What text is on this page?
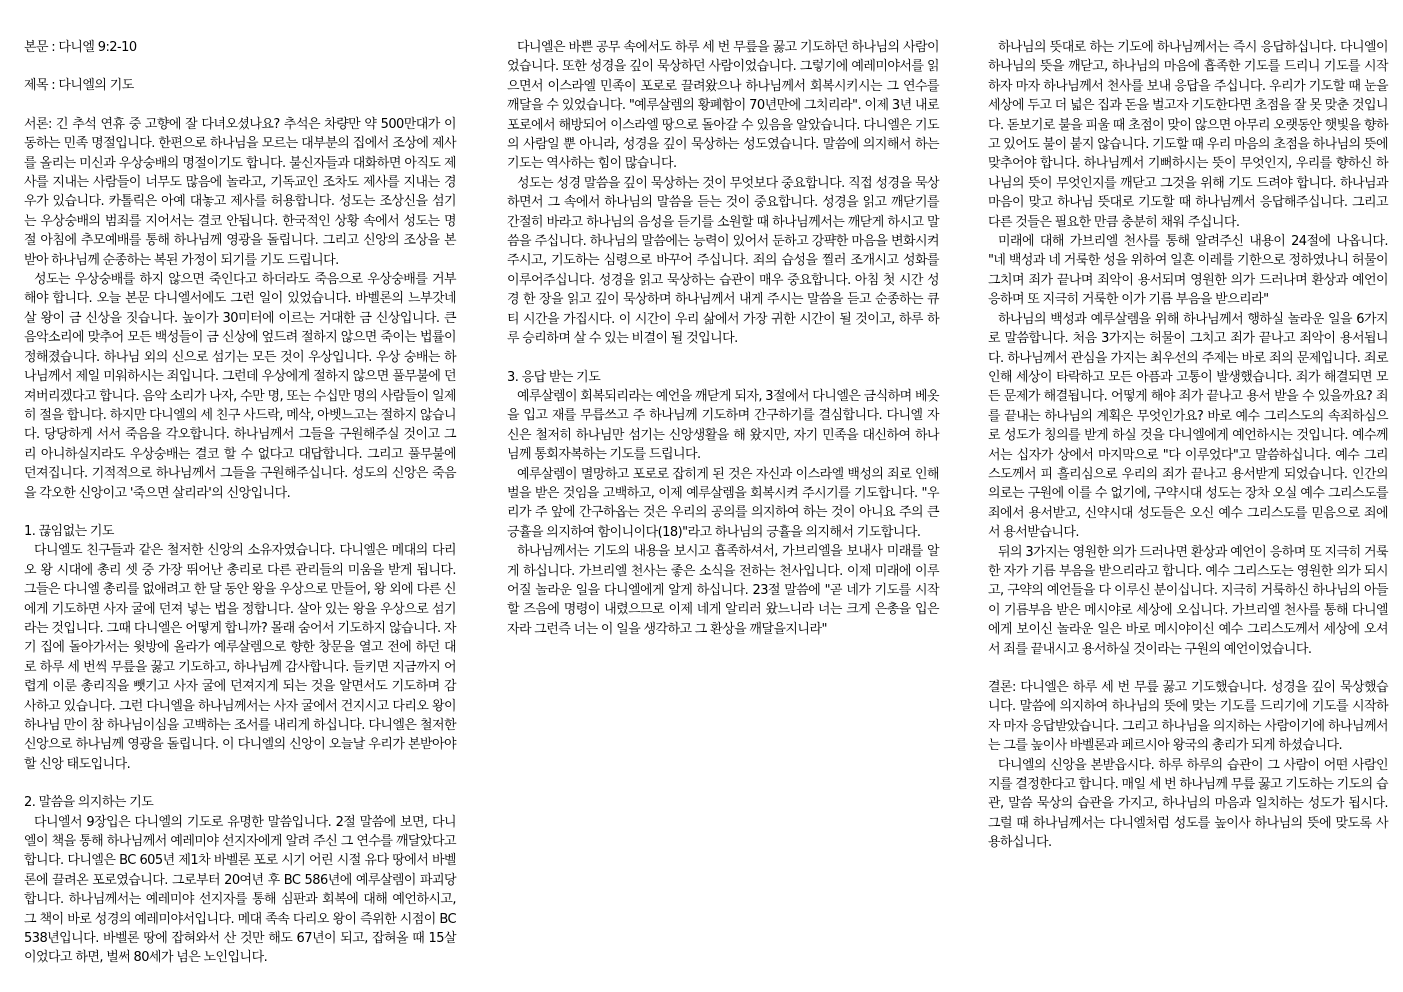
본문 : 다니엘 9:2-10

제목 : 다니엘의 기도

서론: 긴 추석 연휴 중 고향에 잘 다녀오셨나요? 추석은 차량만 약 500만대가 이동하는 민족 명절입니다. 한편으로 하나님을 모르는 대부분의 집에서 조상에 제사를 올리는 미신과 우상숭배의 명절이기도 합니다. 불신자들과 대화하면 아직도 제사를 지내는 사람들이 너무도 많음에 놀라고, 기독교인 조차도 제사를 지내는 경우가 있습니다. 카톨릭은 아예 대놓고 제사를 허용합니다. 성도는 조상신을 섬기는 우상숭배의 범죄를 지어서는 결코 안됩니다. 한국적인 상황 속에서 성도는 명절 아침에 추모예배를 통해 하나님께 영광을 돌립니다. 그리고 신앙의 조상을 본받아 하나님께 순종하는 복된 가정이 되기를 기도 드립니다.

성도는 우상숭배를 하지 않으면 죽인다고 하더라도 죽음으로 우상숭배를 거부해야 합니다. 오늘 본문 다니엘서에도 그런 일이 있었습니다. 바벨론의 느부갓네살 왕이 금 신상을 짓습니다. 높이가 30미터에 이르는 거대한 금 신상입니다. 큰 음악소리에 맞추어 모든 백성들이 금 신상에 엎드려 절하지 않으면 죽이는 법률이 정해졌습니다. 하나님 외의 신으로 섬기는 모든 것이 우상입니다. 우상 숭배는 하나님께서 제일 미워하시는 죄입니다. 그런데 우상에게 절하지 않으면 풀무불에 던져버리겠다고 합니다. 음악 소리가 나자, 수만 명, 또는 수십만 명의 사람들이 일제히 절을 합니다. 하지만 다니엘의 세 친구 사드락, 메삭, 아벳느고는 절하지 않습니다. 당당하게 서서 죽음을 각오합니다. 하나님께서 그들을 구원해주실 것이고 그리 아니하실지라도 우상숭배는 결코 할 수 없다고 대답합니다. 그리고 풀무불에 던져집니다. 기적적으로 하나님께서 그들을 구원해주십니다. 성도의 신앙은 죽음을 각오한 신앙이고 '죽으면 살리라'의 신앙입니다.

1. 끊임없는 기도

다니엘도 친구들과 같은 철저한 신앙의 소유자였습니다. 다니엘은 메대의 다리오 왕 시대에 총리 셋 중 가장 뛰어난 총리로 다른 관리들의 미움을 받게 됩니다. 그들은 다니엘 총리를 없애려고 한 달 동안 왕을 우상으로 만들어, 왕 외에 다른 신에게 기도하면 사자 굴에 던져 넣는 법을 정합니다. 살아 있는 왕을 우상으로 섬기라는 것입니다. 그때 다니엘은 어떻게 합니까? 몰래 숨어서 기도하지 않습니다. 자기 집에 돌아가서는 윗방에 올라가 예루살렘으로 향한 창문을 열고 전에 하던 대로 하루 세 번씩 무릎을 꿇고 기도하고, 하나님께 감사합니다. 들키면 지금까지 어렵게 이룬 총리직을 뺏기고 사자 굴에 던져지게 되는 것을 알면서도 기도하며 감사하고 있습니다. 그런 다니엘을 하나님께서는 사자 굴에서 건지시고 다리오 왕이 하나님 만이 참 하나님이심을 고백하는 조서를 내리게 하십니다. 다니엘은 철저한 신앙으로 하나님께 영광을 돌립니다. 이 다니엘의 신앙이 오늘날 우리가 본받아야 할 신앙 태도입니다.

2. 말씀을 의지하는 기도

다니엘서 9장입은 다니엘의 기도로 유명한 말씀입니다. 2절 말씀에 보면, 다니엘이 책을 통해 하나님께서 예레미야 선지자에게 알려 주신 그 연수를 깨달았다고 합니다. 다니엘은 BC 605년 제1차 바벨론 포로 시기 어린 시절 유다 땅에서 바벨론에 끌려온 포로였습니다. 그로부터 20여년 후 BC 586년에 예루살렘이 파괴당합니다. 하나님께서는 예레미야 선지자를 통해 심판과 회복에 대해 예언하시고, 그 책이 바로 성경의 예레미야서입니다. 메대 족속 다리오 왕이 즉위한 시점이 BC 538년입니다. 바벨론 땅에 잡혀와서 산 것만 해도 67년이 되고, 잡혀올 때 15살이었다고 하면, 벌써 80세가 넘은 노인입니다.

다니엘은 바쁜 공무 속에서도 하루 세 번 무릎을 꿇고 기도하던 하나님의 사람이었습니다. 또한 성경을 깊이 묵상하던 사람이었습니다. 그렇기에 예레미야서를 읽으면서 이스라엘 민족이 포로로 끌려왔으나 하나님께서 회복시키시는 그 연수를 깨달을 수 있었습니다. "예루살렘의 황폐함이 70년만에 그치리라". 이제 3년 내로 포로에서 해방되어 이스라엘 땅으로 돌아갈 수 있음을 알았습니다. 다니엘은 기도의 사람일 뿐 아니라, 성경을 깊이 묵상하는 성도였습니다. 말씀에 의지해서 하는 기도는 역사하는 힘이 많습니다.

성도는 성경 말씀을 깊이 묵상하는 것이 무엇보다 중요합니다. 직접 성경을 묵상하면서 그 속에서 하나님의 말씀을 듣는 것이 중요합니다. 성경을 읽고 깨닫기를 간절히 바라고 하나님의 음성을 듣기를 소원할 때 하나님께서는 깨닫게 하시고 말씀을 주십니다. 하나님의 말씀에는 능력이 있어서 둔하고 강퍅한 마음을 변화시켜 주시고, 기도하는 심령으로 바꾸어 주십니다. 죄의 습성을 찔러 조개시고 성화를 이루어주십니다. 성경을 읽고 묵상하는 습관이 매우 중요합니다. 아침 첫 시간 성경 한 장을 읽고 깊이 묵상하며 하나님께서 내게 주시는 말씀을 듣고 순종하는 큐티 시간을 가집시다. 이 시간이 우리 삶에서 가장 귀한 시간이 될 것이고, 하루 하루 승리하며 살 수 있는 비결이 될 것입니다.

3. 응답 받는 기도

예루살렘이 회복되리라는 예언을 깨닫게 되자, 3절에서 다니엘은 금식하며 베옷을 입고 재를 무릅쓰고 주 하나님께 기도하며 간구하기를 결심합니다. 다니엘 자신은 철저히 하나님만 섬기는 신앙생활을 해 왔지만, 자기 민족을 대신하여 하나님께 통회자복하는 기도를 드립니다.

예루살렘이 멸망하고 포로로 잡히게 된 것은 자신과 이스라엘 백성의 죄로 인해 벌을 받은 것임을 고백하고, 이제 예루살렘을 회복시켜 주시기를 기도합니다. "우리가 주 앞에 간구하옵는 것은 우리의 공의를 의지하여 하는 것이 아니요 주의 큰 긍휼을 의지하여 함이니이다(18)"라고 하나님의 긍휼을 의지해서 기도합니다.

하나님께서는 기도의 내용을 보시고 흡족하셔서, 가브리엘을 보내사 미래를 알게 하십니다. 가브리엘 천사는 좋은 소식을 전하는 천사입니다. 이제 미래에 이루어질 놀라운 일을 다니엘에게 알게 하십니다. 23절 말씀에 "곧 네가 기도를 시작할 즈음에 명령이 내렸으므로 이제 네게 알리러 왔느니라 너는 크게 은총을 입은 자라 그런즉 너는 이 일을 생각하고 그 환상을 깨달을지니라"

하나님의 뜻대로 하는 기도에 하나님께서는 즉시 응답하십니다. 다니엘이 하나님의 뜻을 깨닫고, 하나님의 마음에 흡족한 기도를 드리니 기도를 시작하자 마자 하나님께서 천사를 보내 응답을 주십니다. 우리가 기도할 때 눈을 세상에 두고 더 넓은 집과 돈을 벌고자 기도한다면 초점을 잘 못 맞춘 것입니다. 돋보기로 불을 피울 때 초점이 맞이 않으면 아무리 오랫동안 햇빛을 향하고 있어도 불이 붙지 않습니다. 기도할 때 우리 마음의 초점을 하나님의 뜻에 맞추어야 합니다. 하나님께서 기뻐하시는 뜻이 무엇인지, 우리를 향하신 하나님의 뜻이 무엇인지를 깨닫고 그것을 위해 기도 드려야 합니다. 하나님과 마음이 맞고 하나님 뜻대로 기도할 때 하나님께서 응답해주십니다. 그리고 다른 것들은 필요한 만큼 충분히 채워 주십니다.

미래에 대해 가브리엘 천사를 통해 알려주신 내용이 24절에 나옵니다. "네 백성과 네 거룩한 성을 위하여 일흔 이레를 기한으로 정하였나니 허물이 그치며 죄가 끝나며 죄악이 용서되며 영원한 의가 드러나며 환상과 예언이 응하며 또 지극히 거룩한 이가 기름 부음을 받으리라"

하나님의 백성과 예루살렘을 위해 하나님께서 행하실 놀라운 일을 6가지로 말씀합니다. 처음 3가지는 허물이 그치고 죄가 끝나고 죄악이 용서됩니다. 하나님께서 관심을 가지는 최우선의 주제는 바로 죄의 문제입니다. 죄로 인해 세상이 타락하고 모든 아픔과 고통이 발생했습니다. 죄가 해결되면 모든 문제가 해결됩니다. 어떻게 해야 죄가 끝나고 용서 받을 수 있을까요? 죄를 끝내는 하나님의 계획은 무엇인가요? 바로 예수 그리스도의 속죄하심으로 성도가 칭의를 받게 하실 것을 다니엘에게 예언하시는 것입니다. 예수께서는 십자가 상에서 마지막으로 "다 이루었다"고 말씀하십니다. 예수 그리스도께서 피 흘리심으로 우리의 죄가 끝나고 용서받게 되었습니다. 인간의 의로는 구원에 이를 수 없기에, 구약시대 성도는 장차 오실 예수 그리스도를 죄에서 용서받고, 신약시대 성도들은 오신 예수 그리스도를 믿음으로 죄에서 용서받습니다.

뒤의 3가지는 영원한 의가 드러나면 환상과 예언이 응하며 또 지극히 거룩한 자가 기름 부음을 받으리라고 합니다. 예수 그리스도는 영원한 의가 되시고, 구약의 예언들을 다 이루신 분이십니다. 지극히 거룩하신 하나님의 아들이 기름부음 받은 메시야로 세상에 오십니다. 가브리엘 천사를 통해 다니엘에게 보이신 놀라운 일은 바로 메시야이신 예수 그리스도께서 세상에 오셔서 죄를 끝내시고 용서하실 것이라는 구원의 예언이었습니다.

결론: 다니엘은 하루 세 번 무릎 꿇고 기도했습니다. 성경을 깊이 묵상했습니다. 말씀에 의지하여 하나님의 뜻에 맞는 기도를 드리기에 기도를 시작하자 마자 응답받았습니다. 그리고 하나님을 의지하는 사람이기에 하나님께서는 그를 높이사 바벨론과 페르시아 왕국의 총리가 되게 하셨습니다.

다니엘의 신앙을 본받읍시다. 하루 하루의 습관이 그 사람이 어떤 사람인지를 결정한다고 합니다. 매일 세 번 하나님께 무릎 꿇고 기도하는 기도의 습관, 말씀 묵상의 습관을 가지고, 하나님의 마음과 일치하는 성도가 됩시다. 그럴 때 하나님께서는 다니엘처럼 성도를 높이사 하나님의 뜻에 맞도록 사용하십니다.
